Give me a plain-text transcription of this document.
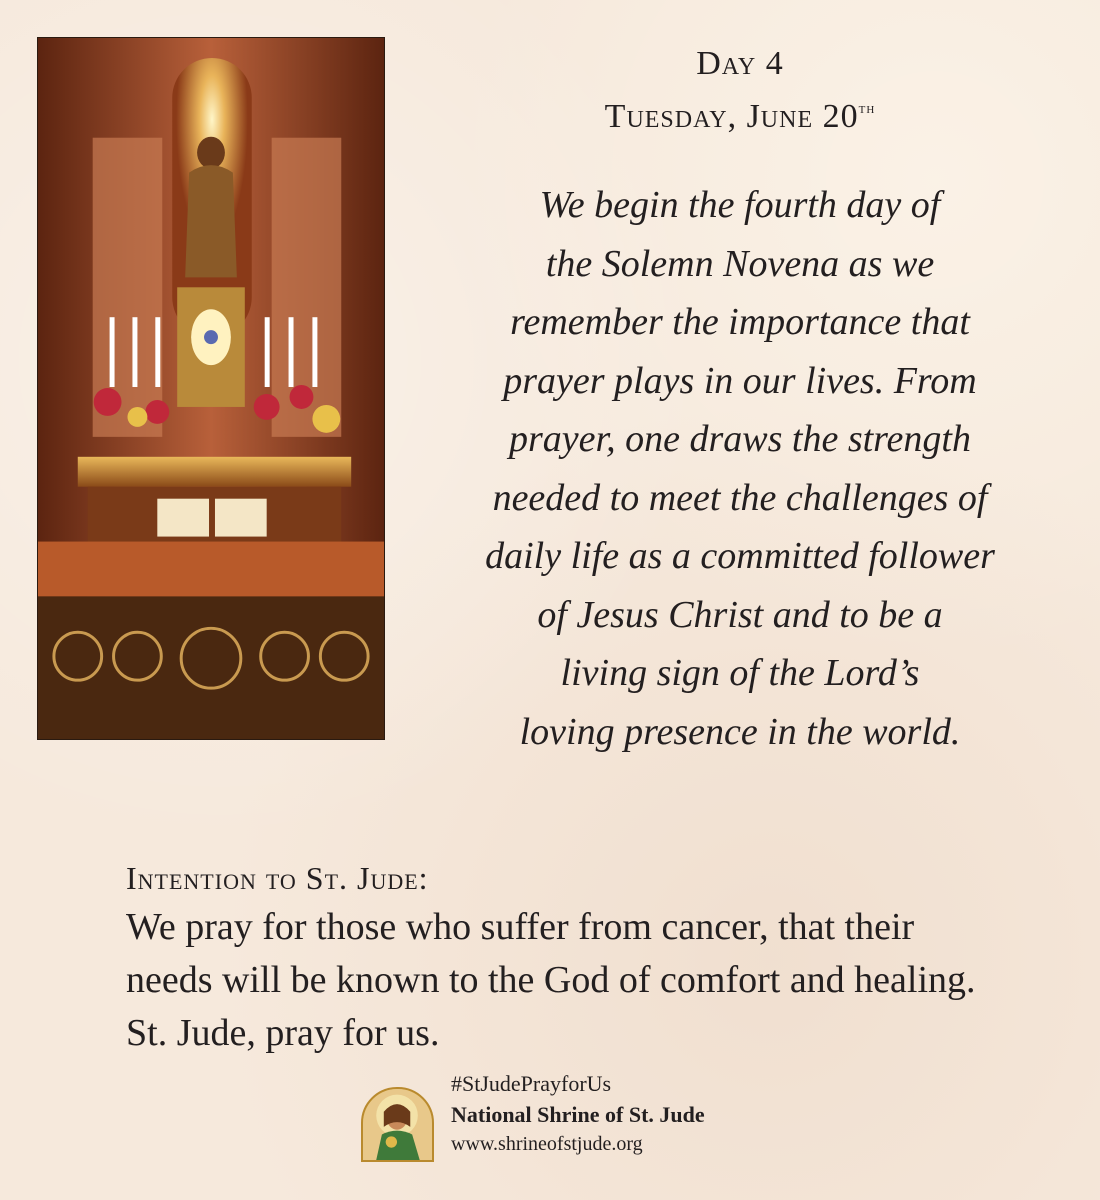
Day 4
Tuesday, June 20th
We begin the fourth day of
the Solemn Novena as we
remember the importance that
prayer plays in our lives. From
prayer, one draws the strength
needed to meet the challenges of
daily life as a committed follower
of Jesus Christ and to be a
living sign of the Lord’s
loving presence in the world.
Intention to St. Jude:
We pray for those who suffer from cancer, that their
needs will be known to the God of comfort and healing.
St. Jude, pray for us.
#StJudePrayforUs
National Shrine of St. Jude
www.shrineofstjude.org
